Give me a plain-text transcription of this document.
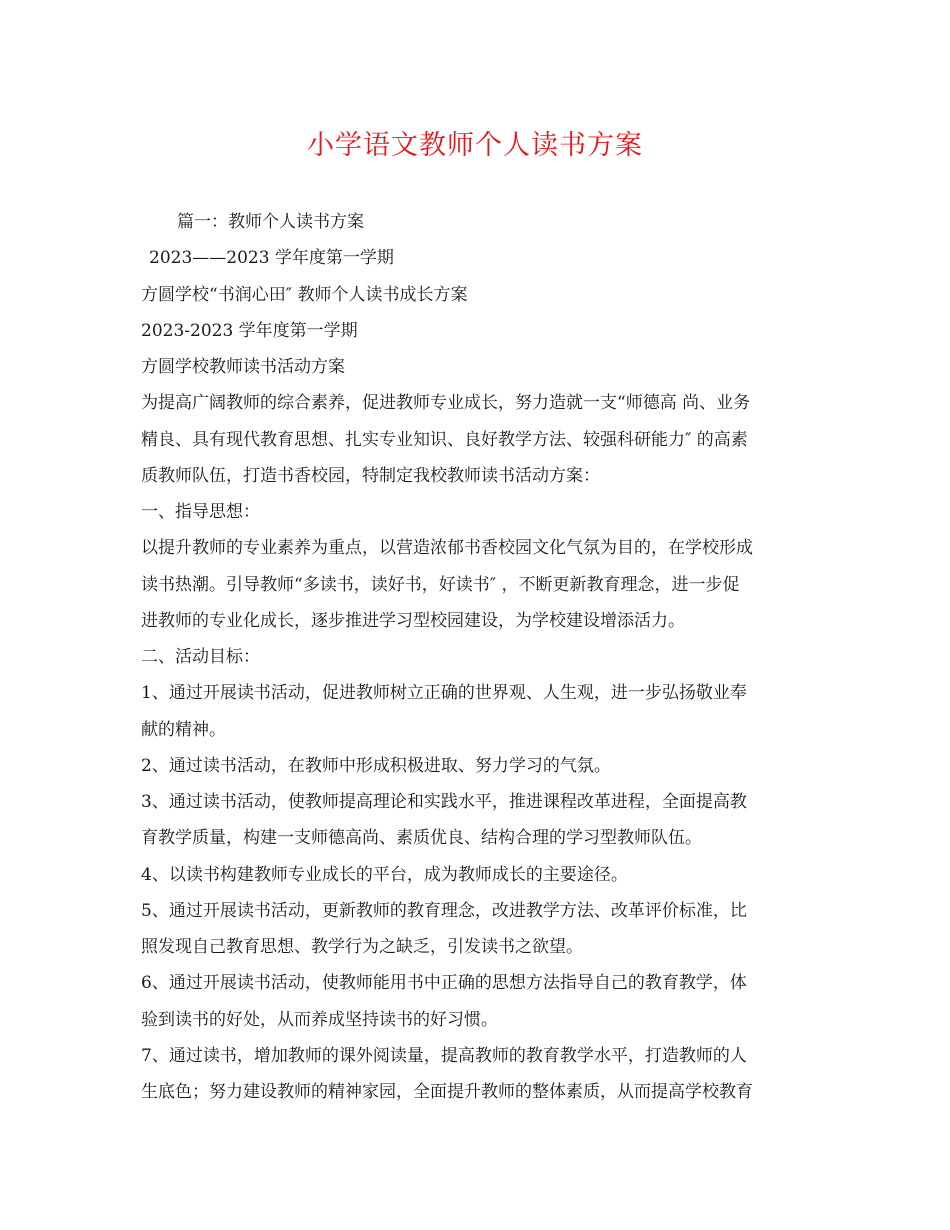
小学语文教师个人读书方案
篇一：教师个人读书方案
2023——2023 学年度第一学期
方圆学校“书润心田″ 教师个人读书成长方案
2023-2023 学年度第一学期
方圆学校教师读书活动方案
为提高广阔教师的综合素养，促进教师专业成长，努力造就一支“师德高 尚、业务
精良、具有现代教育思想、扎实专业知识、良好教学方法、较强科研能力″ 的高素
质教师队伍，打造书香校园，特制定我校教师读书活动方案：
一、指导思想：
以提升教师的专业素养为重点，以营造浓郁书香校园文化气氛为目的，在学校形成
读书热潮。引导教师“多读书，读好书，好读书″ ，不断更新教育理念，进一步促
进教师的专业化成长，逐步推进学习型校园建设，为学校建设增添活力。
二、活动目标：
1、通过开展读书活动，促进教师树立正确的世界观、人生观，进一步弘扬敬业奉
献的精神。
2、通过读书活动，在教师中形成积极进取、努力学习的气氛。
3、通过读书活动，使教师提高理论和实践水平，推进课程改革进程，全面提高教
育教学质量，构建一支师德高尚、素质优良、结构合理的学习型教师队伍。
4、以读书构建教师专业成长的平台，成为教师成长的主要途径。
5、通过开展读书活动，更新教师的教育理念，改进教学方法、改革评价标准，比
照发现自己教育思想、教学行为之缺乏，引发读书之欲望。
6、通过开展读书活动，使教师能用书中正确的思想方法指导自己的教育教学，体
验到读书的好处，从而养成坚持读书的好习惯。
7、通过读书，增加教师的课外阅读量，提高教师的教育教学水平，打造教师的人
生底色；努力建设教师的精神家园，全面提升教师的整体素质，从而提高学校教育
